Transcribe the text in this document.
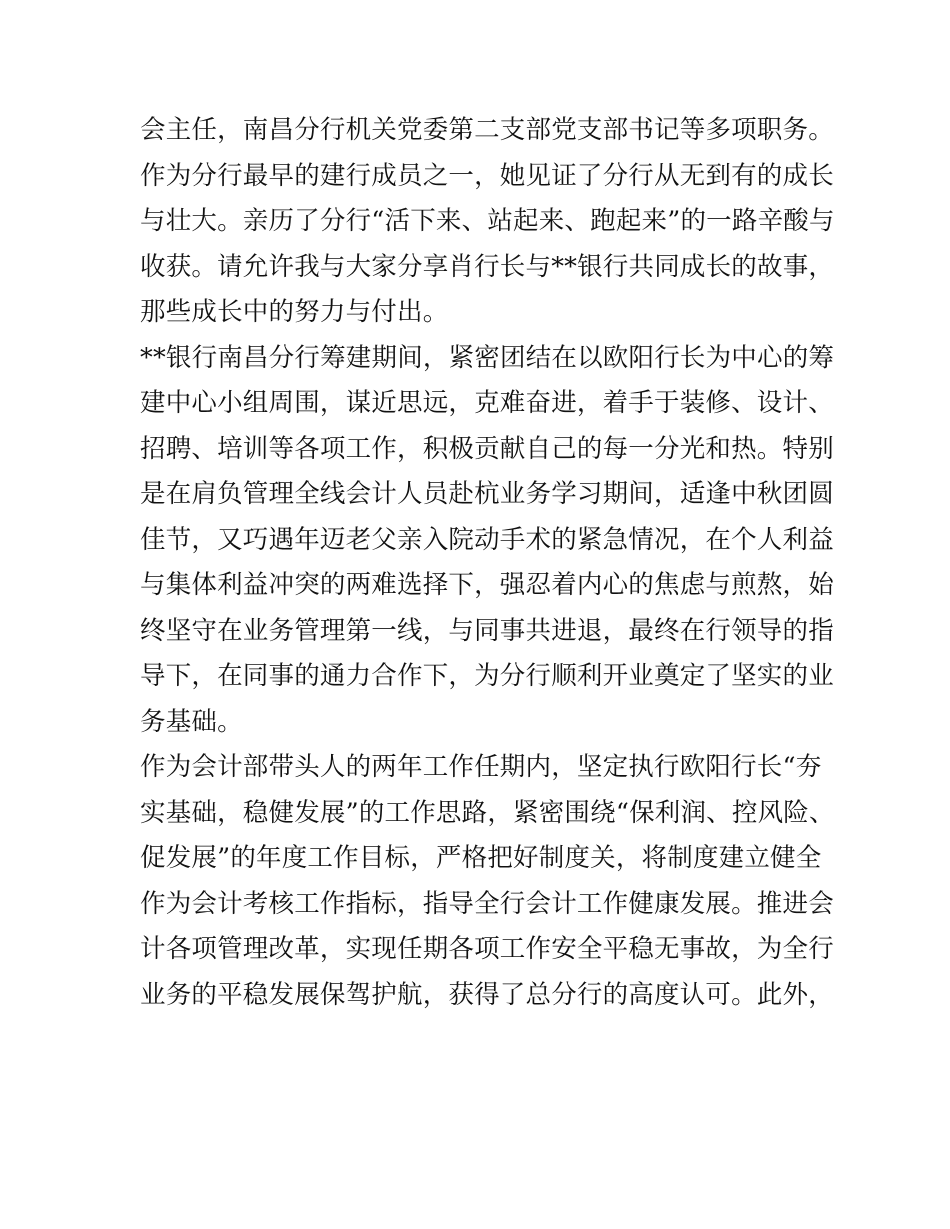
会主任，南昌分行机关党委第二支部党支部书记等多项职务。
作为分行最早的建行成员之一，她见证了分行从无到有的成长
与壮大。亲历了分行“活下来、站起来、跑起来”的一路辛酸与
收获。请允许我与大家分享肖行长与**银行共同成长的故事，
那些成长中的努力与付出。
**银行南昌分行筹建期间，紧密团结在以欧阳行长为中心的筹
建中心小组周围，谋近思远，克难奋进，着手于装修、设计、
招聘、培训等各项工作，积极贡献自己的每一分光和热。特别
是在肩负管理全线会计人员赴杭业务学习期间，适逢中秋团圆
佳节，又巧遇年迈老父亲入院动手术的紧急情况，在个人利益
与集体利益冲突的两难选择下，强忍着内心的焦虑与煎熬，始
终坚守在业务管理第一线，与同事共进退，最终在行领导的指
导下，在同事的通力合作下，为分行顺利开业奠定了坚实的业
务基础。
作为会计部带头人的两年工作任期内，坚定执行欧阳行长“夯
实基础，稳健发展”的工作思路，紧密围绕“保利润、控风险、
促发展”的年度工作目标，严格把好制度关，将制度建立健全
作为会计考核工作指标，指导全行会计工作健康发展。推进会
计各项管理改革，实现任期各项工作安全平稳无事故，为全行
业务的平稳发展保驾护航，获得了总分行的高度认可。此外，
